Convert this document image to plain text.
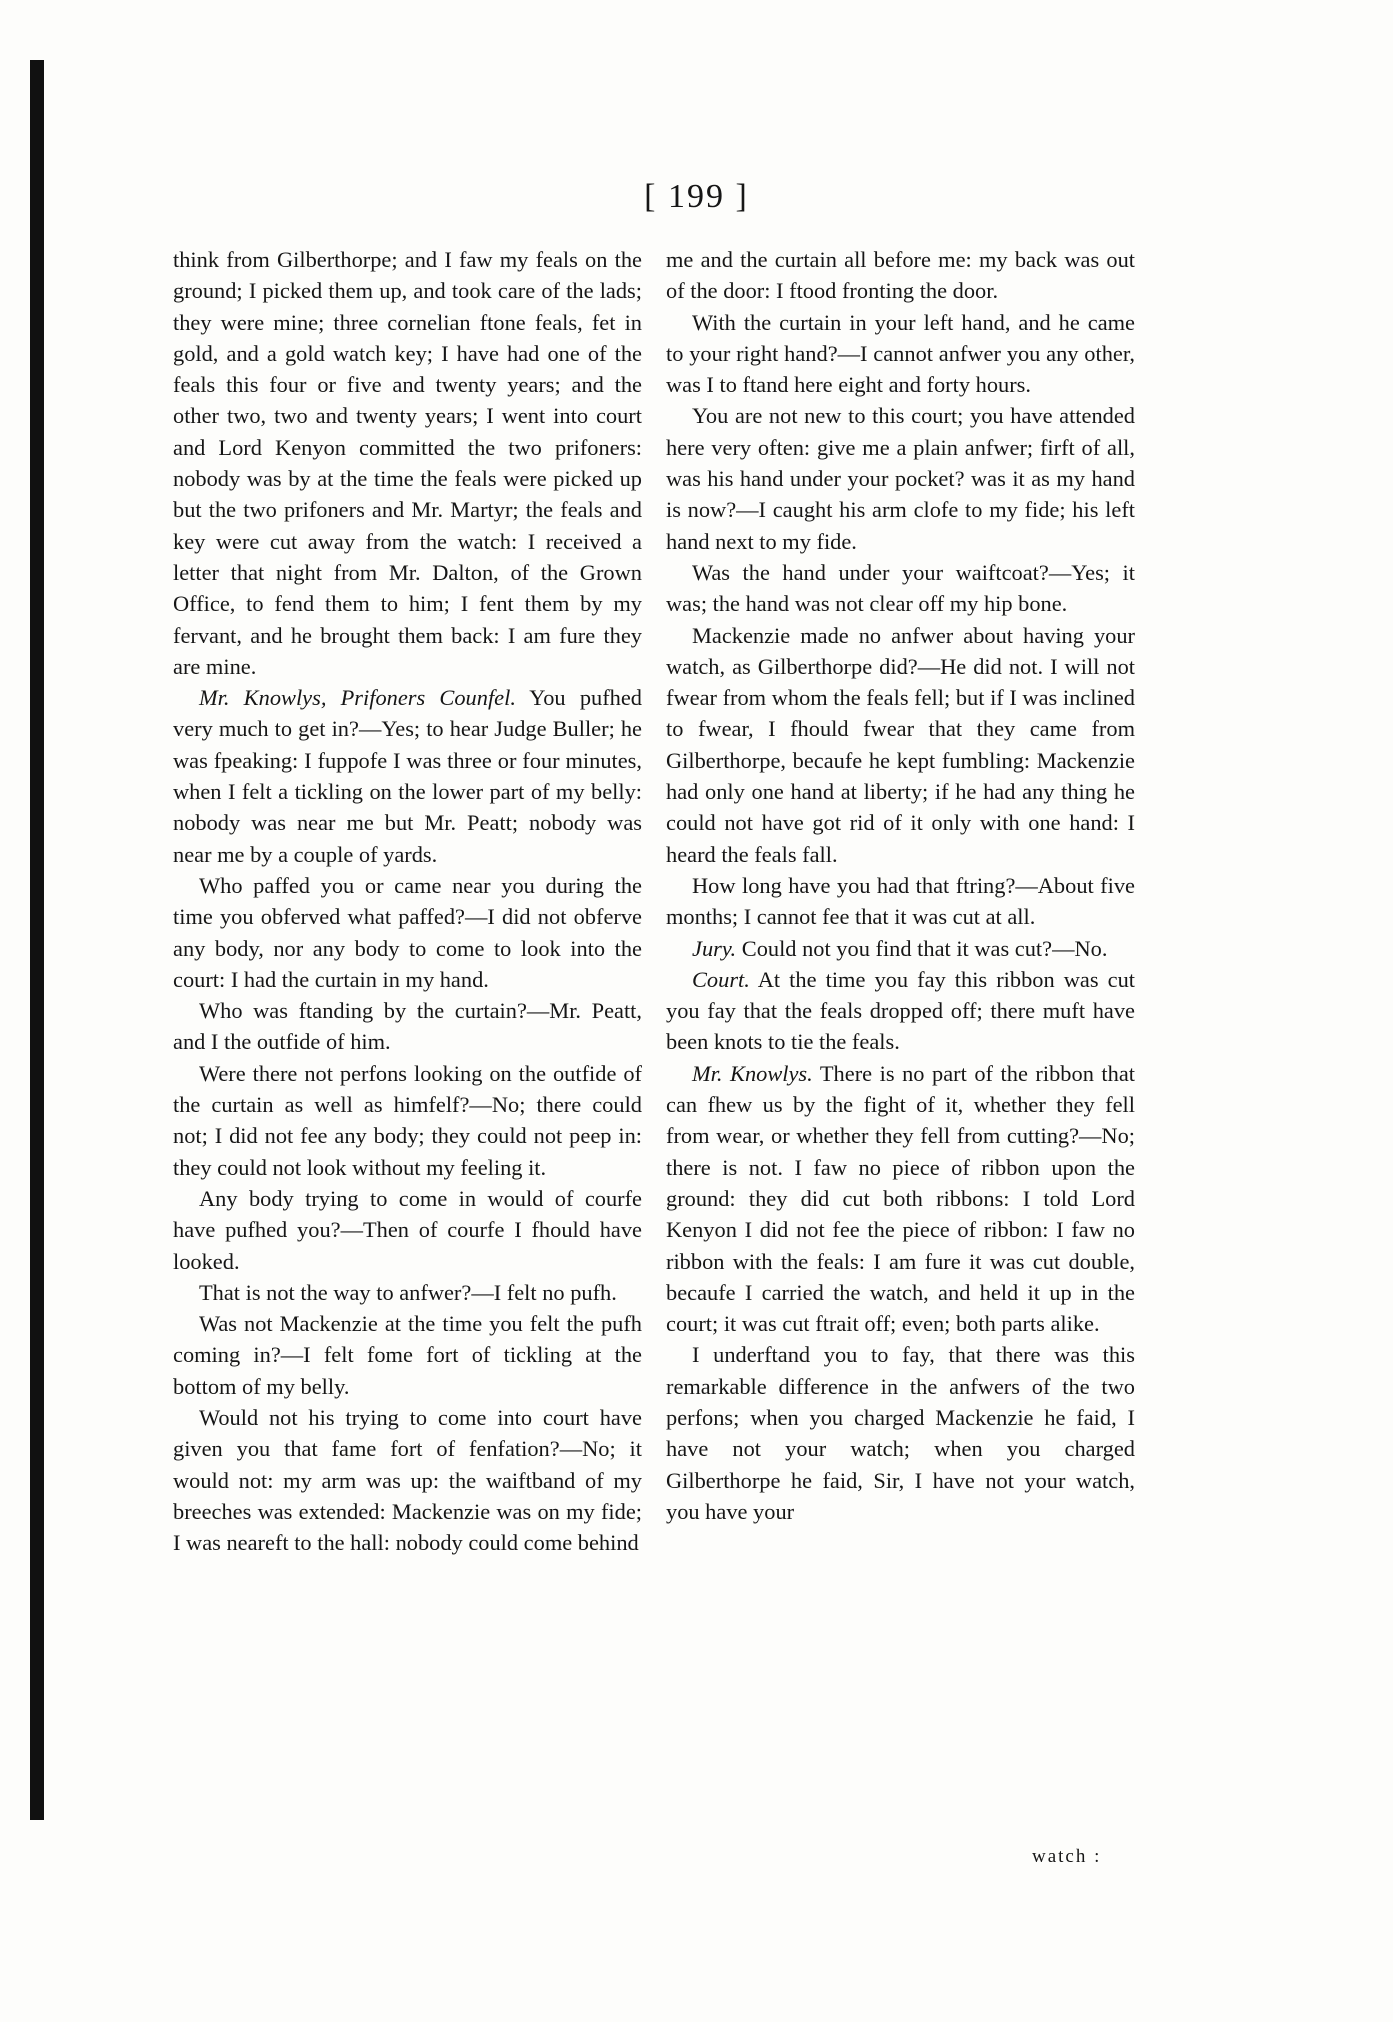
[ 199 ]

think from Gilberthorpe; and I faw my feals on the ground; I picked them up, and took care of the lads; they were mine; three cornelian ftone feals, fet in gold, and a gold watch key; I have had one of the feals this four or five and twenty years; and the other two, two and twenty years; I went into court and Lord Kenyon committed the two prifoners: nobody was by at the time the feals were picked up but the two prifoners and Mr. Martyr; the feals and key were cut away from the watch: I received a letter that night from Mr. Dalton, of the Grown Office, to fend them to him; I fent them by my fervant, and he brought them back: I am fure they are mine.

Mr. Knowlys, Prifoners Counfel. You pufhed very much to get in?—Yes; to hear Judge Buller; he was fpeaking: I fuppofe I was three or four minutes, when I felt a tickling on the lower part of my belly: nobody was near me but Mr. Peatt; nobody was near me by a couple of yards.

Who paffed you or came near you during the time you obferved what paffed?—I did not obferve any body, nor any body to come to look into the court: I had the curtain in my hand.

Who was ftanding by the curtain?—Mr. Peatt, and I the outfide of him.

Were there not perfons looking on the outfide of the curtain as well as himfelf?—No; there could not; I did not fee any body; they could not peep in: they could not look without my feeling it.

Any body trying to come in would of courfe have pufhed you?—Then of courfe I fhould have looked.

That is not the way to anfwer?—I felt no pufh.

Was not Mackenzie at the time you felt the pufh coming in?—I felt fome fort of tickling at the bottom of my belly.

Would not his trying to come into court have given you that fame fort of fenfation?—No; it would not: my arm was up: the waiftband of my breeches was extended: Mackenzie was on my fide; I was neareft to the hall: nobody could come behind

me and the curtain all before me: my back was out of the door: I ftood fronting the door.

With the curtain in your left hand, and he came to your right hand?—I cannot anfwer you any other, was I to ftand here eight and forty hours.

You are not new to this court; you have attended here very often: give me a plain anfwer; firft of all, was his hand under your pocket? was it as my hand is now?—I caught his arm clofe to my fide; his left hand next to my fide.

Was the hand under your waiftcoat?—Yes; it was; the hand was not clear off my hip bone.

Mackenzie made no anfwer about having your watch, as Gilberthorpe did?—He did not. I will not fwear from whom the feals fell; but if I was inclined to fwear, I fhould fwear that they came from Gilberthorpe, becaufe he kept fumbling: Mackenzie had only one hand at liberty; if he had any thing he could not have got rid of it only with one hand: I heard the feals fall.

How long have you had that ftring?—About five months; I cannot fee that it was cut at all.

Jury. Could not you find that it was cut?—No.

Court. At the time you fay this ribbon was cut you fay that the feals dropped off; there muft have been knots to tie the feals.

Mr. Knowlys. There is no part of the ribbon that can fhew us by the fight of it, whether they fell from wear, or whether they fell from cutting?—No; there is not. I faw no piece of ribbon upon the ground: they did cut both ribbons: I told Lord Kenyon I did not fee the piece of ribbon: I faw no ribbon with the feals: I am fure it was cut double, becaufe I carried the watch, and held it up in the court; it was cut ftrait off; even; both parts alike.

I underftand you to fay, that there was this remarkable difference in the anfwers of the two perfons; when you charged Mackenzie he faid, I have not your watch; when you charged Gilberthorpe he faid, Sir, I have not your watch, you have your

watch :
